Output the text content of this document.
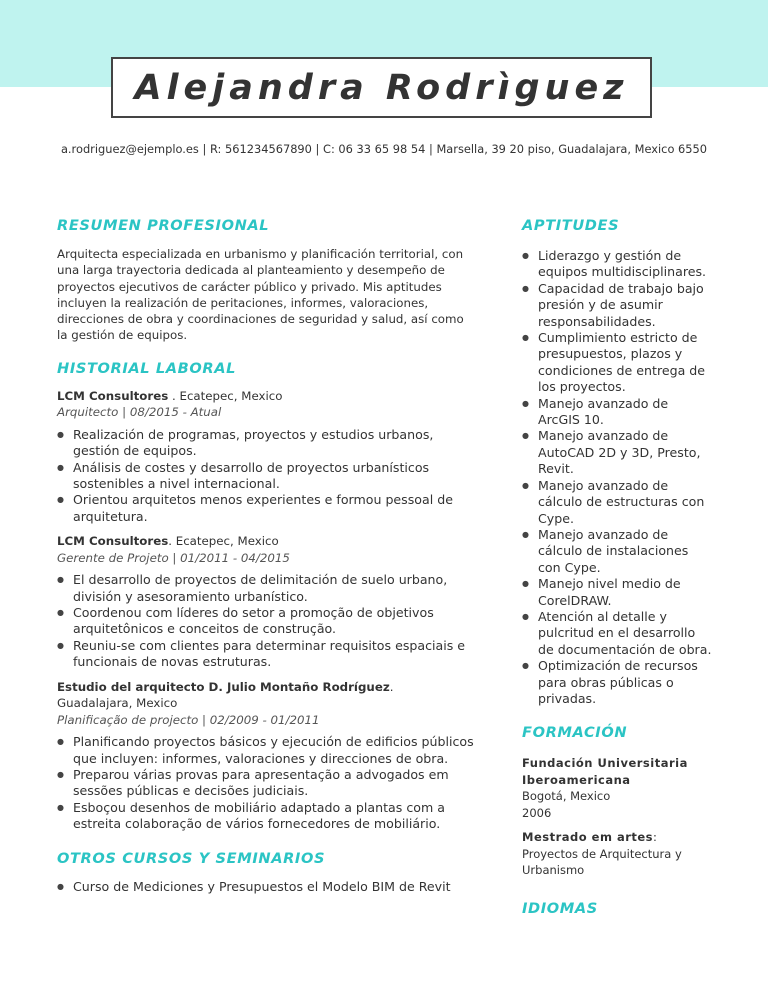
Alejandra Rodrìguez
a.rodriguez@ejemplo.es | R: 561234567890 | C: 06 33 65 98 54 | Marsella, 39 20 piso, Guadalajara, Mexico 6550
RESUMEN PROFESIONAL

Arquitecta especializada en urbanismo y planificación territorial, con una larga trayectoria dedicada al planteamiento y desempeño de proyectos ejecutivos de carácter público y privado. Mis aptitudes incluyen la realización de peritaciones, informes, valoraciones, direcciones de obra y coordinaciones de seguridad y salud, así como la gestión de equipos.

HISTORIAL LABORAL

LCM Consultores . Ecatepec, Mexico

Arquitecto | 08/2015 - Atual

● Realización de programas, proyectos y estudios urbanos, gestión de equipos.
● Análisis de costes y desarrollo de proyectos urbanísticos sostenibles a nivel internacional.
● Orientou arquitetos menos experientes e formou pessoal de arquitetura.

LCM Consultores. Ecatepec, Mexico

Gerente de Projeto | 01/2011 - 04/2015

● El desarrollo de proyectos de delimitación de suelo urbano, división y asesoramiento urbanístico.
● Coordenou com líderes do setor a promoção de objetivos arquitetônicos e conceitos de construção.
● Reuniu-se com clientes para determinar requisitos espaciais e funcionais de novas estruturas.

Estudio del arquitecto D. Julio Montaño Rodríguez.

Guadalajara, Mexico

Planificação de projecto | 02/2009 - 01/2011

● Planificando proyectos básicos y ejecución de edificios públicos que incluyen: informes, valoraciones y direcciones de obra.
● Preparou várias provas para apresentação a advogados em sessões públicas e decisões judiciais.
● Esboçou desenhos de mobiliário adaptado a plantas com a estreita colaboração de vários fornecedores de mobiliário.
OTROS CURSOS Y SEMINARIOS
● Curso de Mediciones y Presupuestos el Modelo BIM de Revit
APTITUDES
● Liderazgo y gestión de equipos multidisciplinares.
● Capacidad de trabajo bajo presión y de asumir responsabilidades.
● Cumplimiento estricto de presupuestos, plazos y condiciones de entrega de los proyectos.
● Manejo avanzado de ArcGIS 10.
● Manejo avanzado de AutoCAD 2D y 3D, Presto, Revit.
● Manejo avanzado de cálculo de estructuras con Cype.
● Manejo avanzado de cálculo de instalaciones con Cype.
● Manejo nivel medio de CorelDRAW.
● Atención al detalle y pulcritud en el desarrollo de documentación de obra.
● Optimización de recursos para obras públicas o privadas.
FORMACIÓN

Fundación Universitaria Iberoamericana

Bogotá, Mexico

2006

Mestrado em artes:

Proyectos de Arquitectura y Urbanismo

IDIOMAS
